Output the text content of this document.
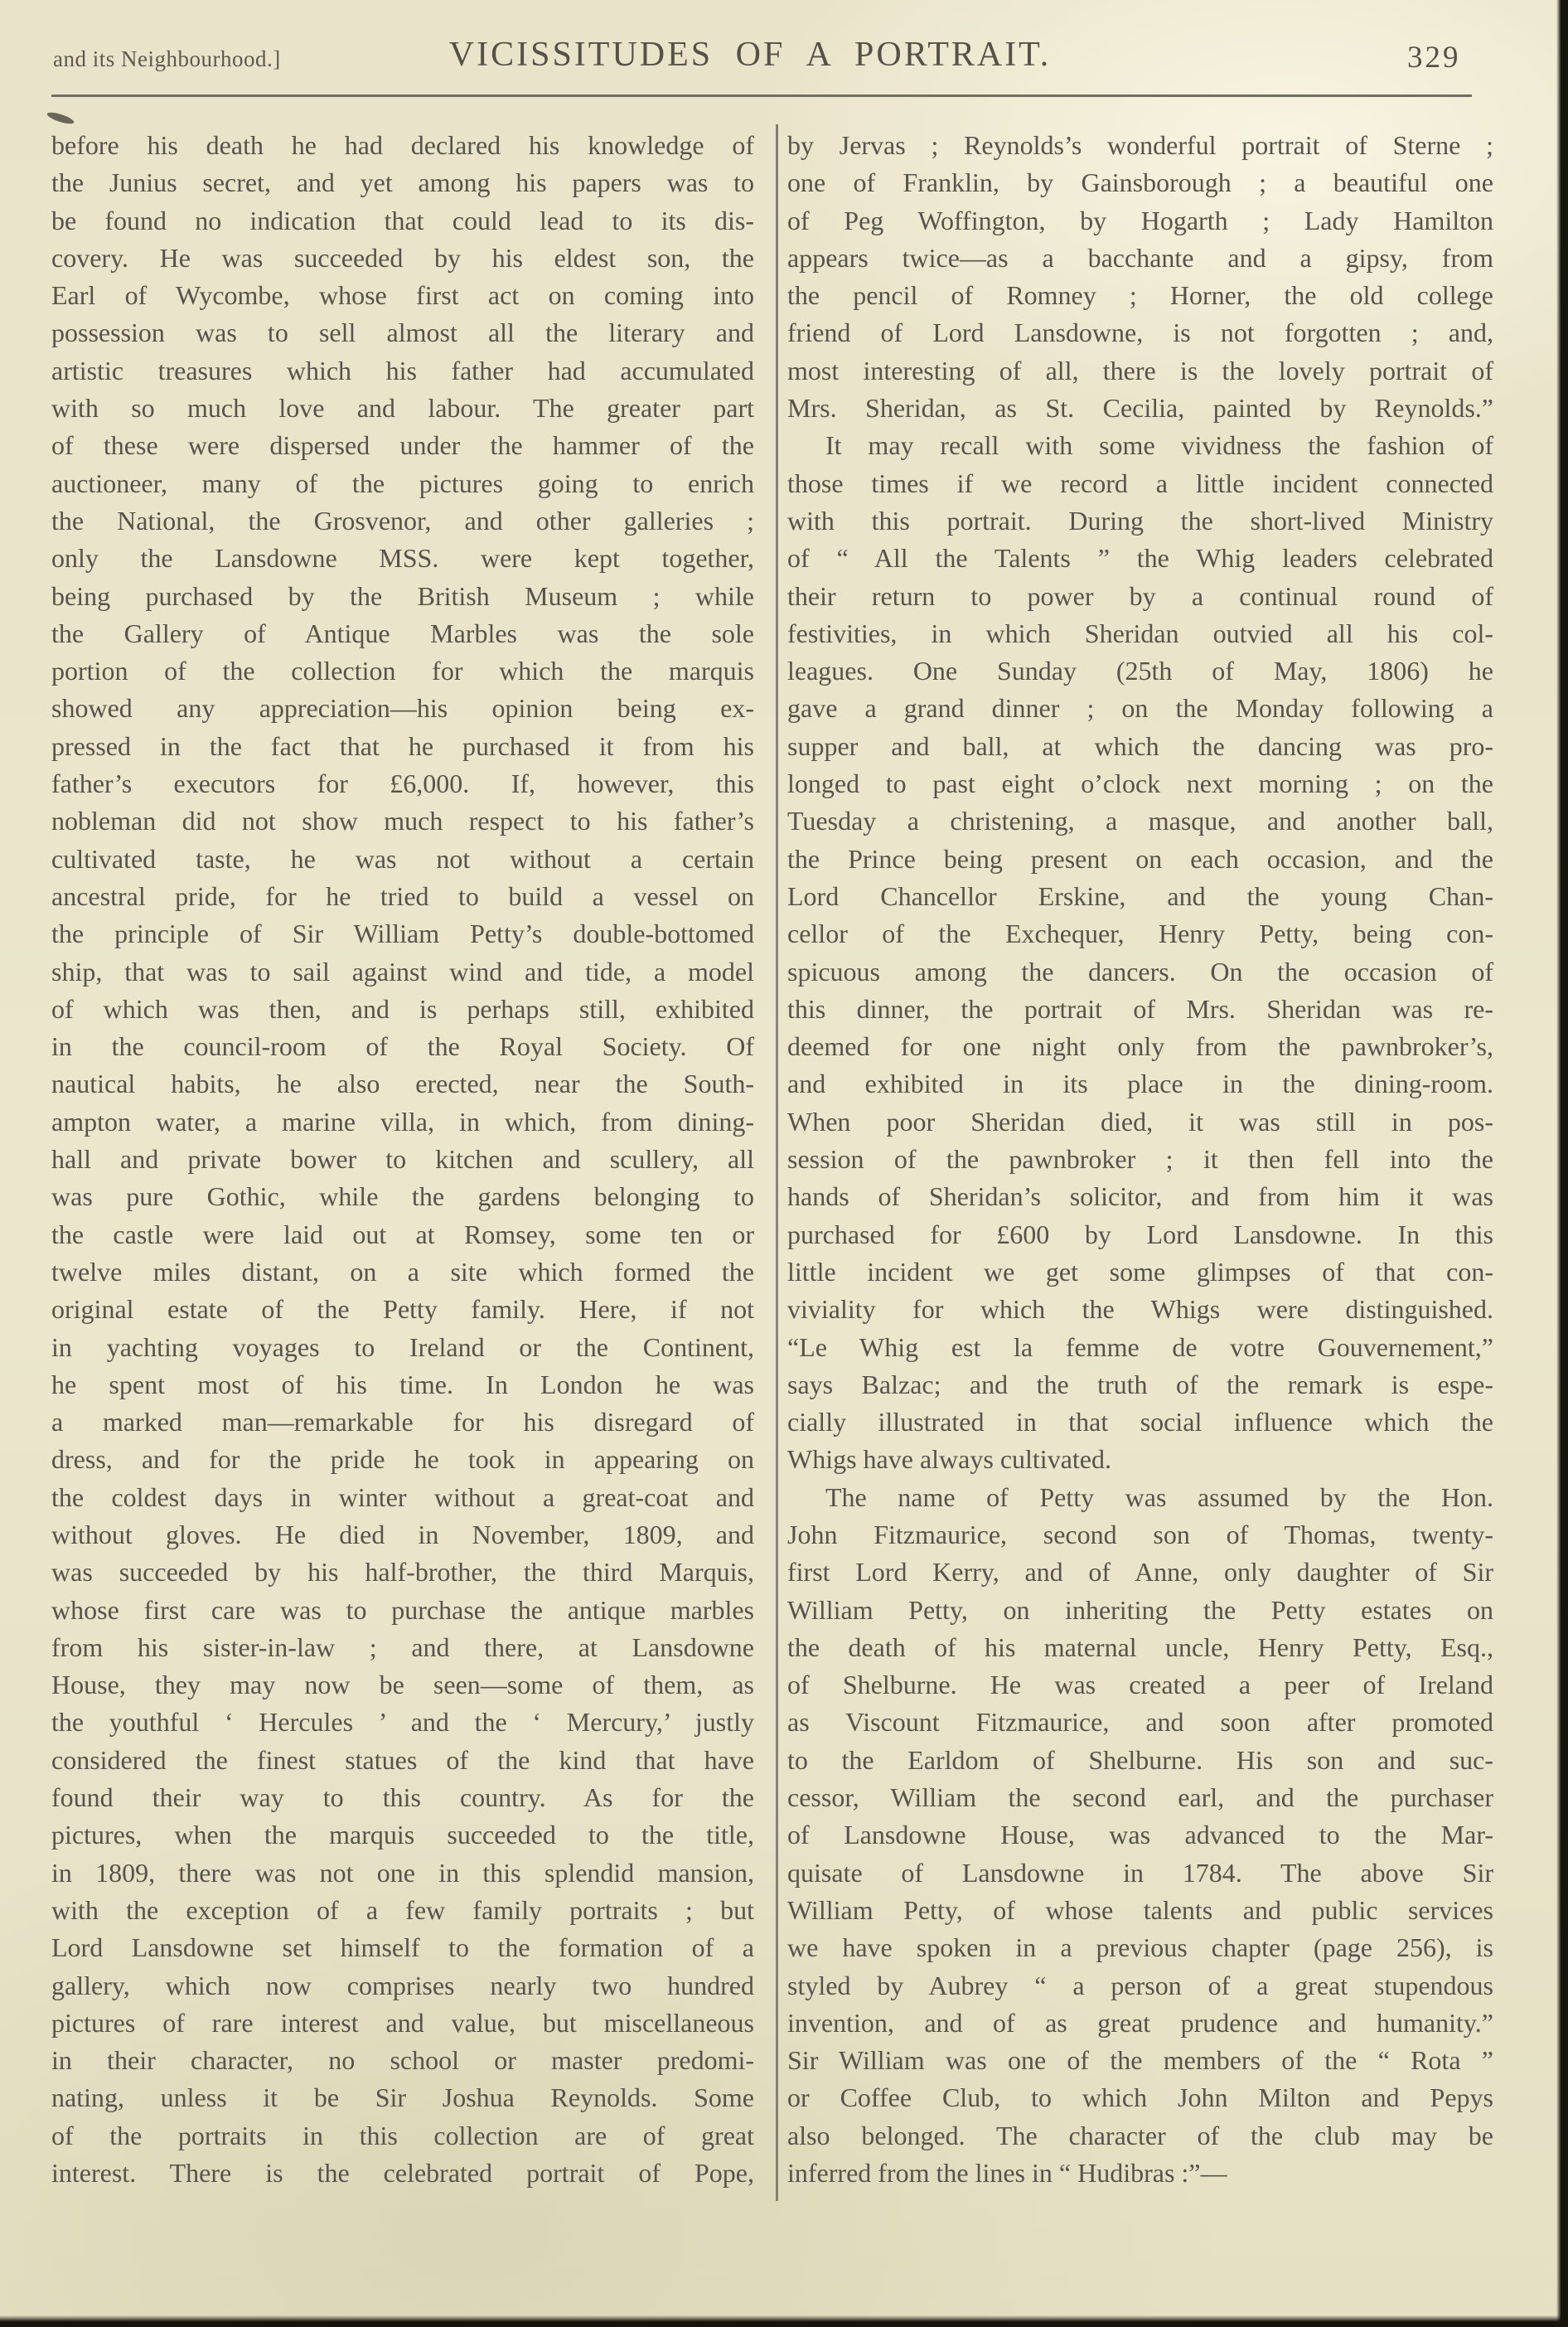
and its Neighbourhood.]	VICISSITUDES OF A PORTRAIT.	329
before his death he had declared his knowledge of
the Junius secret, and yet among his papers was to
be found no indication that could lead to its dis-
covery. He was succeeded by his eldest son, the
Earl of Wycombe, whose first act on coming into
possession was to sell almost all the literary and
artistic treasures which his father had accumulated
with so much love and labour. The greater part
of these were dispersed under the hammer of the
auctioneer, many of the pictures going to enrich
the National, the Grosvenor, and other galleries ;
only the Lansdowne MSS. were kept together,
being purchased by the British Museum ; while
the Gallery of Antique Marbles was the sole
portion of the collection for which the marquis
showed any appreciation—his opinion being ex-
pressed in the fact that he purchased it from his
father’s executors for £6,000. If, however, this
nobleman did not show much respect to his father’s
cultivated taste, he was not without a certain
ancestral pride, for he tried to build a vessel on
the principle of Sir William Petty’s double-bottomed
ship, that was to sail against wind and tide, a model
of which was then, and is perhaps still, exhibited
in the council-room of the Royal Society. Of
nautical habits, he also erected, near the South-
ampton water, a marine villa, in which, from dining-
hall and private bower to kitchen and scullery, all
was pure Gothic, while the gardens belonging to
the castle were laid out at Romsey, some ten or
twelve miles distant, on a site which formed the
original estate of the Petty family. Here, if not
in yachting voyages to Ireland or the Continent,
he spent most of his time. In London he was
a marked man—remarkable for his disregard of
dress, and for the pride he took in appearing on
the coldest days in winter without a great-coat and
without gloves. He died in November, 1809, and
was succeeded by his half-brother, the third Marquis,
whose first care was to purchase the antique marbles
from his sister-in-law ; and there, at Lansdowne
House, they may now be seen—some of them, as
the youthful ‘ Hercules ’ and the ‘ Mercury,’ justly
considered the finest statues of the kind that have
found their way to this country. As for the
pictures, when the marquis succeeded to the title,
in 1809, there was not one in this splendid mansion,
with the exception of a few family portraits ; but
Lord Lansdowne set himself to the formation of a
gallery, which now comprises nearly two hundred
pictures of rare interest and value, but miscellaneous
in their character, no school or master predomi-
nating, unless it be Sir Joshua Reynolds. Some
of the portraits in this collection are of great
interest. There is the celebrated portrait of Pope,
by Jervas ; Reynolds’s wonderful portrait of Sterne ;
one of Franklin, by Gainsborough ; a beautiful one
of Peg Woffington, by Hogarth ; Lady Hamilton
appears twice—as a bacchante and a gipsy, from
the pencil of Romney ; Horner, the old college
friend of Lord Lansdowne, is not forgotten ; and,
most interesting of all, there is the lovely portrait of
Mrs. Sheridan, as St. Cecilia, painted by Reynolds.”
It may recall with some vividness the fashion of
those times if we record a little incident connected
with this portrait. During the short-lived Ministry
of “ All the Talents ” the Whig leaders celebrated
their return to power by a continual round of
festivities, in which Sheridan outvied all his col-
leagues. One Sunday (25th of May, 1806) he
gave a grand dinner ; on the Monday following a
supper and ball, at which the dancing was pro-
longed to past eight o’clock next morning ; on the
Tuesday a christening, a masque, and another ball,
the Prince being present on each occasion, and the
Lord Chancellor Erskine, and the young Chan-
cellor of the Exchequer, Henry Petty, being con-
spicuous among the dancers. On the occasion of
this dinner, the portrait of Mrs. Sheridan was re-
deemed for one night only from the pawnbroker’s,
and exhibited in its place in the dining-room.
When poor Sheridan died, it was still in pos-
session of the pawnbroker ; it then fell into the
hands of Sheridan’s solicitor, and from him it was
purchased for £600 by Lord Lansdowne. In this
little incident we get some glimpses of that con-
viviality for which the Whigs were distinguished.
“Le Whig est la femme de votre Gouvernement,”
says Balzac; and the truth of the remark is espe-
cially illustrated in that social influence which the
Whigs have always cultivated.
The name of Petty was assumed by the Hon.
John Fitzmaurice, second son of Thomas, twenty-
first Lord Kerry, and of Anne, only daughter of Sir
William Petty, on inheriting the Petty estates on
the death of his maternal uncle, Henry Petty, Esq.,
of Shelburne. He was created a peer of Ireland
as Viscount Fitzmaurice, and soon after promoted
to the Earldom of Shelburne. His son and suc-
cessor, William the second earl, and the purchaser
of Lansdowne House, was advanced to the Mar-
quisate of Lansdowne in 1784. The above Sir
William Petty, of whose talents and public services
we have spoken in a previous chapter (page 256), is
styled by Aubrey “ a person of a great stupendous
invention, and of as great prudence and humanity.”
Sir William was one of the members of the “ Rota ”
or Coffee Club, to which John Milton and Pepys
also belonged. The character of the club may be
inferred from the lines in “ Hudibras :”—
